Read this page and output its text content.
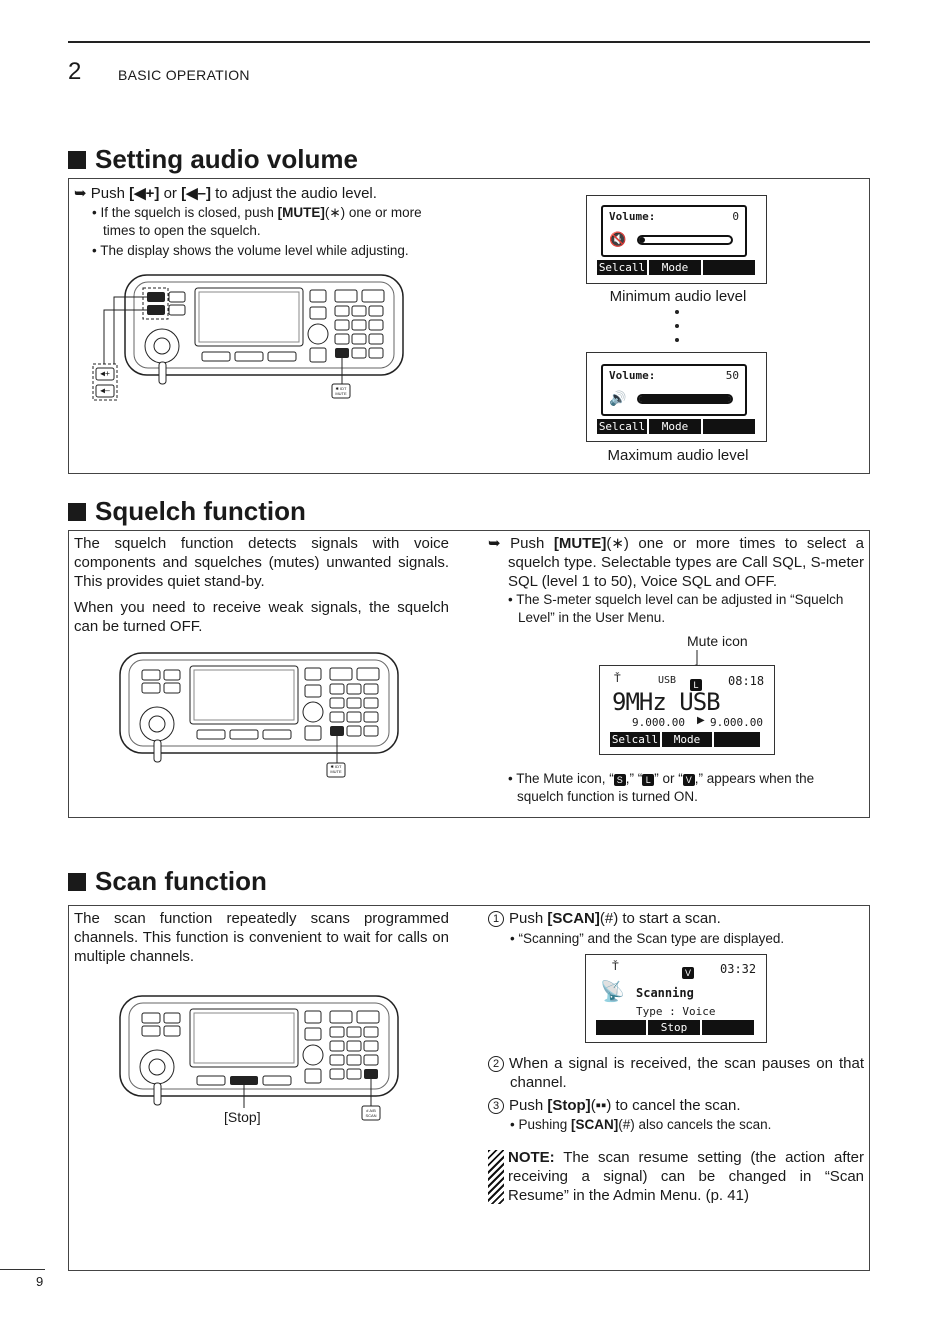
2	BASIC OPERATION
Setting audio volume
➥ Push [◀+] or [◀–] to adjust the audio level.
• If the squelch is closed, push [MUTE](∗) one or more
times to open the squelch.
• The display shows the volume level while adjusting.
◀+
◀–	✱ IDT
MUTE
Volume:	0
🔇
Selcall	Mode
Minimum audio level
Volume:	50
🔊
Selcall	Mode
Maximum audio level
Squelch function
The squelch function detects signals with voice components and squelches (mutes) unwanted signals. This provides quiet stand-by.
When you need to receive weak signals, the squelch can be turned OFF.
➥ Push [MUTE](∗) one or more times to select a squelch type. Selectable types are Call SQL, S-meter SQL (level 1 to 50), Voice SQL and OFF.
• The S-meter squelch level can be adjusted in “Squelch Level” in the User Menu.
Mute icon
Ť	USB	L 08:18
9MHz USB
9.000.00 ▶ 9.000.00
Selcall	Mode
• The Mute icon, “ S ,” “ L ” or “ V ,” appears when the
squelch function is turned ON.
✱ IDT
MUTE
Scan function
The scan function repeatedly scans programmed channels. This function is convenient to wait for calls on multiple channels.
1 Push [SCAN](#) to start a scan.
• “Scanning” and the Scan type are displayed.
Ť	V 03:32
📡 Scanning
Type : Voice
Stop
2 When a signal is received, the scan pauses on that channel.
3 Push [Stop](▪▪) to cancel the scan.
• Pushing [SCAN](#) also cancels the scan.
NOTE: The scan resume setting (the action after receiving a signal) can be changed in “Scan Resume” in the Admin Menu. (p. 41)
[Stop]	# A/B
SCAN
9
